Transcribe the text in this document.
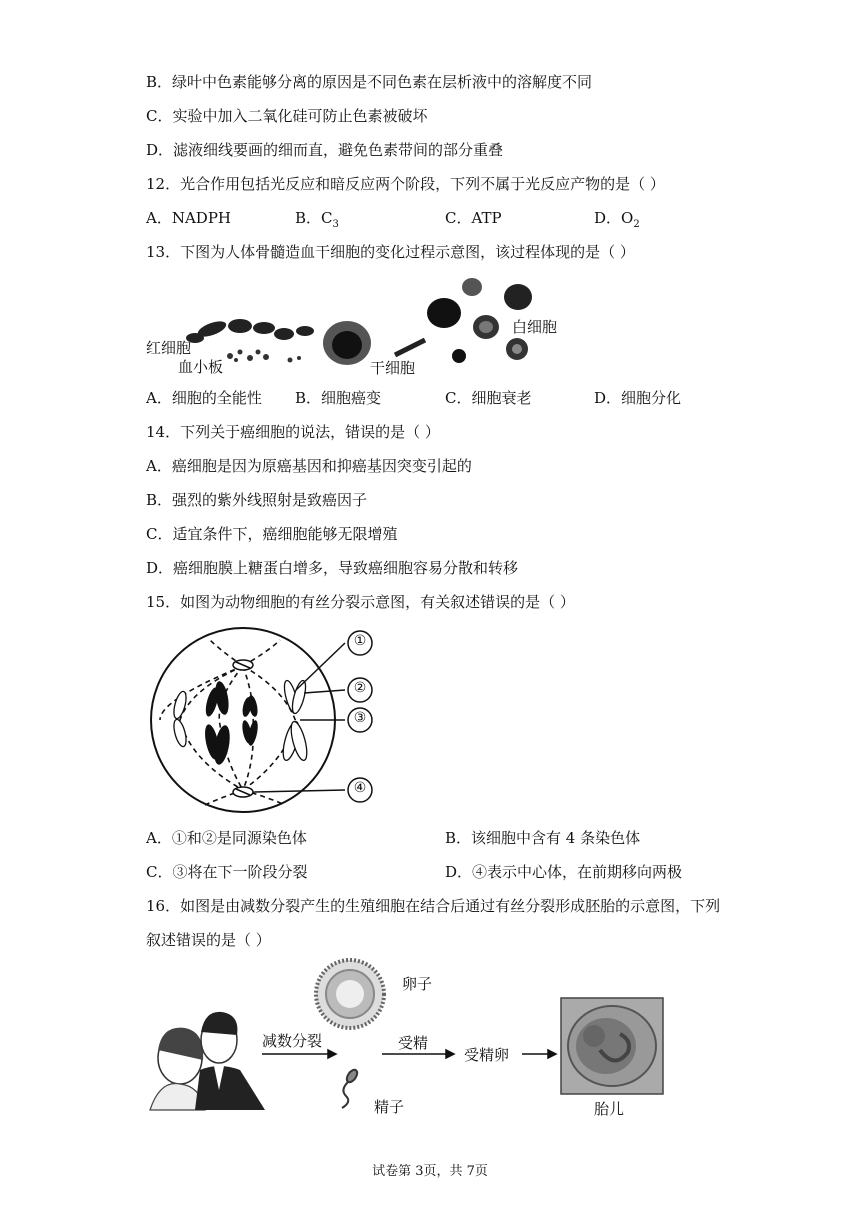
B．绿叶中色素能够分离的原因是不同色素在层析液中的溶解度不同
C．实验中加入二氧化硅可防止色素被破坏
D．滤液细线要画的细而直，避免色素带间的部分重叠
12．光合作用包括光反应和暗反应两个阶段，下列不属于光反应产物的是（ ）
A．NADPH	B．$C_3$	C．ATP	D．$O_2$
13．下图为人体骨髓造血干细胞的变化过程示意图，该过程体现的是（ ）
红细胞
血小板	干细胞
白细胞
A．细胞的全能性 B．细胞癌变	C．细胞衰老	D．细胞分化
14．下列关于癌细胞的说法，错误的是（ ）
A．癌细胞是因为原癌基因和抑癌基因突变引起的
B．强烈的紫外线照射是致癌因子
C．适宜条件下，癌细胞能够无限增殖
D．癌细胞膜上糖蛋白增多，导致癌细胞容易分散和转移
15．如图为动物细胞的有丝分裂示意图，有关叙述错误的是（ ）
①
②
③
④
A．①和②是同源染色体	B．该细胞中含有 4 条染色体
C．③将在下一阶段分裂	D．④表示中心体，在前期移向两极
16．如图是由减数分裂产生的生殖细胞在结合后通过有丝分裂形成胚胎的示意图，下列
叙述错误的是（ ）
卵子
减数分裂	受精
受精卵
精子	胎儿
试卷第 3页，共 7页
